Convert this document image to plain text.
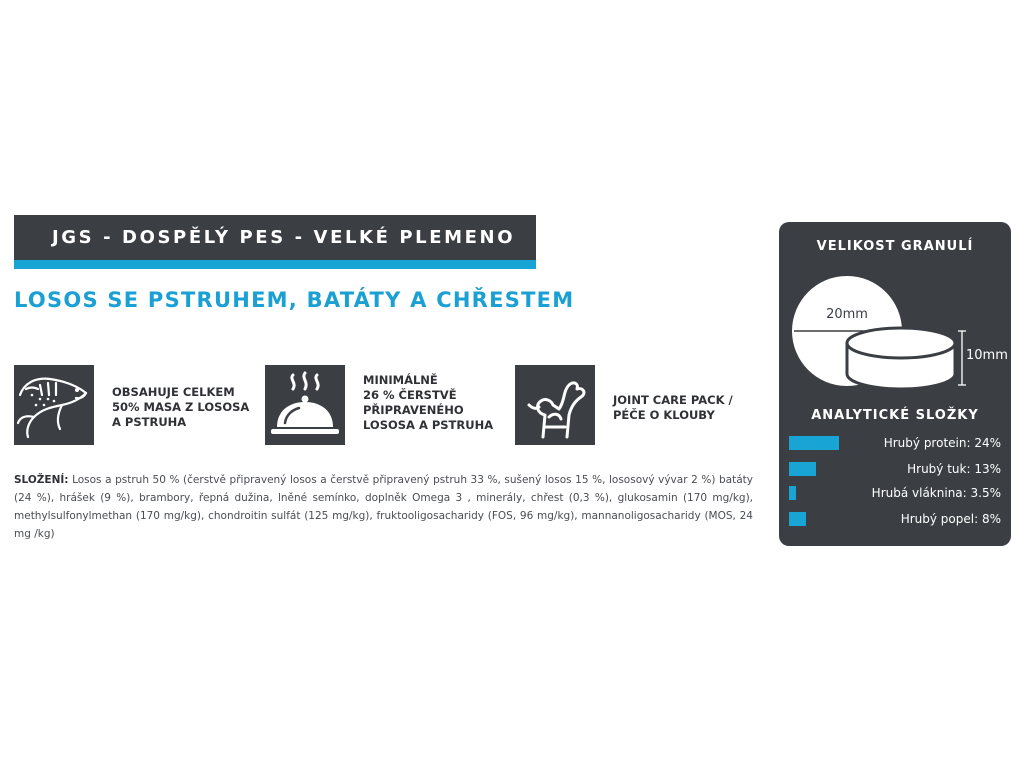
JGS - DOSPĚLÝ PES - VELKÉ PLEMENO
LOSOS SE PSTRUHEM, BATÁTY A CHŘESTEM
OBSAHUJE CELKEM
50% MASA Z LOSOSA
A PSTRUHA
MINIMÁLNĚ
26 % ČERSTVĚ
PŘIPRAVENÉHO
LOSOSA A PSTRUHA
JOINT CARE PACK /
PÉČE O KLOUBY
SLOŽENÍ: Losos a pstruh 50 % (čerstvě připravený losos a čerstvě připravený pstruh 33 %, sušený losos 15 %, lososový vývar 2 %) batáty (24 %), hrášek (9 %), brambory, řepná dužina, lněné semínko, doplněk Omega 3 , minerály, chřest (0,3 %), glukosamin (170 mg/kg), methylsulfonylmethan (170 mg/kg), chondroitin sulfát (125 mg/kg), fruktooligosacharidy (FOS, 96 mg/kg), mannanoligosacharidy (MOS, 24 mg /kg)
VELIKOST GRANULÍ
20mm
10mm
ANALYTICKÉ SLOŽKY
Hrubý protein: 24%
Hrubý tuk: 13%
Hrubá vláknina: 3.5%
Hrubý popel: 8%
